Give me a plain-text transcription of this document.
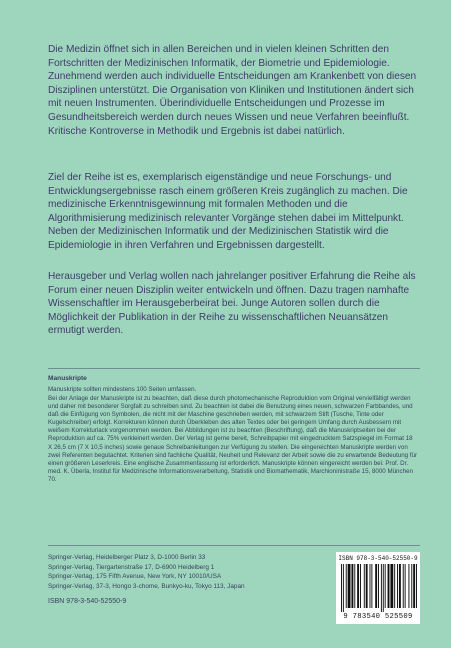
Die Medizin öffnet sich in allen Bereichen und in vielen kleinen Schritten den Fortschritten der Medizinischen Informatik, der Biometrie und Epidemiologie. Zunehmend werden auch individuelle Entscheidungen am Krankenbett von diesen Disziplinen unterstützt. Die Organisation von Kliniken und Institutionen ändert sich mit neuen Instrumenten. Überindividuelle Entscheidungen und Prozesse im Gesundheitsbereich werden durch neues Wissen und neue Verfahren beeinflußt. Kritische Kontroverse in Methodik und Ergebnis ist dabei natürlich.

Ziel der Reihe ist es, exemplarisch eigenständige und neue Forschungs- und Entwicklungsergebnisse rasch einem größeren Kreis zugänglich zu machen. Die medizinische Erkenntnisgewinnung mit formalen Methoden und die Algorithmisierung medizinisch relevanter Vorgänge stehen dabei im Mittelpunkt. Neben der Medizinischen Informatik und der Medizinischen Statistik wird die Epidemiologie in ihren Verfahren und Ergebnissen dargestellt.

Herausgeber und Verlag wollen nach jahrelanger positiver Erfahrung die Reihe als Forum einer neuen Disziplin weiter entwickeln und öffnen. Dazu tragen namhafte Wissenschaftler im Herausgeberbeirat bei. Junge Autoren sollen durch die Möglichkeit der Publikation in der Reihe zu wissenschaftlichen Neuansätzen ermutigt werden.

Manuskripte
Manuskripte sollten mindestens 100 Seiten umfassen.

Bei der Anlage der Manuskripte ist zu beachten, daß diese durch photomechanische Reproduktion vom Original vervielfältigt werden und daher mit besonderer Sorgfalt zu schreiben sind. Zu beachten ist dabei die Benutzung eines neuen, schwarzen Farbbandes, und daß die Einfügung von Symbolen, die nicht mit der Maschine geschrieben werden, mit schwarzem Stift (Tusche, Tinte oder Kugelschreiber) erfolgt. Korrekturen können durch Überkleben des alten Textes oder bei geringem Umfang durch Ausbessern mit weißem Korrekturlack vorgenommen werden. Bei Abbildungen ist zu beachten (Beschriftung), daß die Manuskriptseiten bei der Reproduktion auf ca. 75% verkleinert werden. Der Verlag ist gerne bereit, Schreibpapier mit eingedrucktem Satzspiegel im Format 18 X 26,5 cm (7 X 10,5 inches) sowie genaue Schreibanleitungen zur Verfügung zu stellen. Die eingereichten Manuskripte werden von zwei Referenten begutachtet. Kriterien sind fachliche Qualität, Neuheit und Relevanz der Arbeit sowie die zu erwartende Bedeutung für einen größeren Leserkreis. Eine englische Zusammenfassung ist erforderlich. Manuskripte können eingereicht werden bei: Prof. Dr. med. K. Überla, Institut für Medizinische Informationsverarbeitung, Statistik und Biomathematik, Marchioninistraße 15, 8000 München 70.

Springer-Verlag, Heidelberger Platz 3, D-1000 Berlin 33
Springer-Verlag, Tiergartenstraße 17, D-6900 Heidelberg 1
Springer-Verlag, 175 Fifth Avenue, New York, NY 10010/USA
Springer-Verlag, 37-3, Hongo 3-chome, Bunkyo-ku, Tokyo 113, Japan
ISBN 978-3-540-52550-9
ISBN 978-3-540-52550-9
9 783540 525509
